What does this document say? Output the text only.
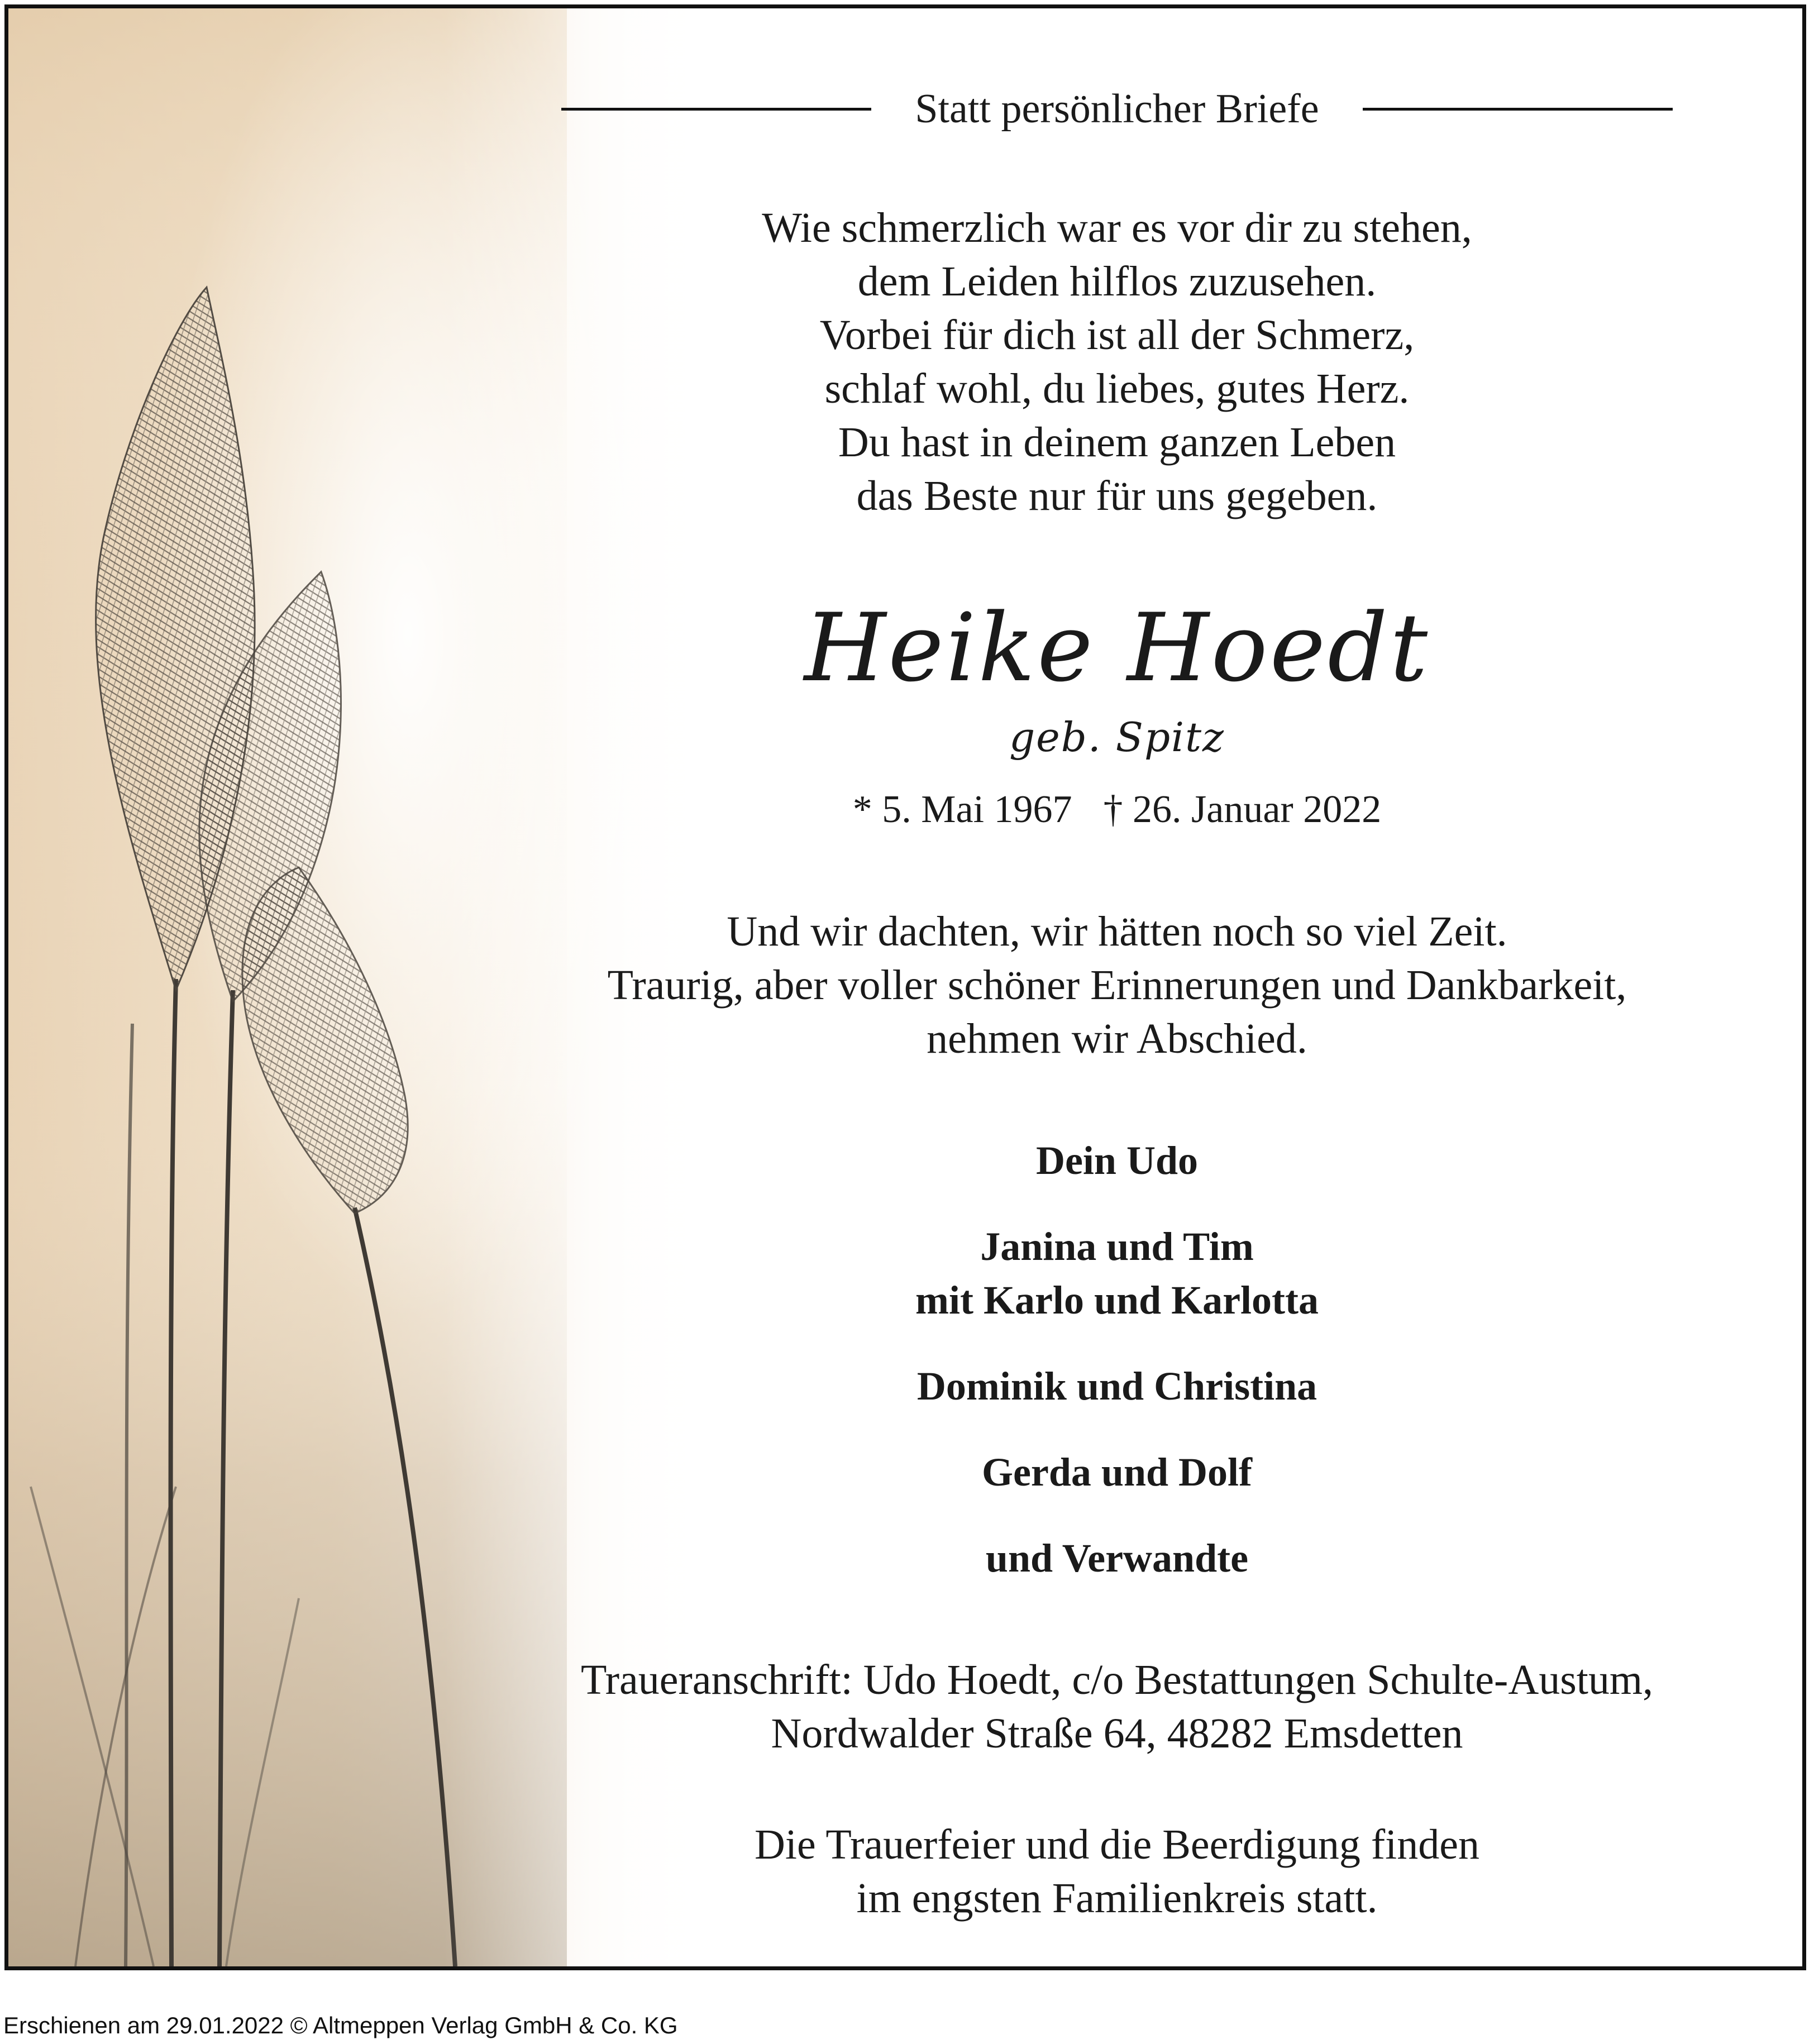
Statt persönlicher Briefe
Wie schmerzlich war es vor dir zu stehen,
dem Leiden hilflos zuzusehen.
Vorbei für dich ist all der Schmerz,
schlaf wohl, du liebes, gutes Herz.
Du hast in deinem ganzen Leben
das Beste nur für uns gegeben.
Heike Hoedt
geb. Spitz
* 5. Mai 1967 † 26. Januar 2022
Und wir dachten, wir hätten noch so viel Zeit.
Traurig, aber voller schöner Erinnerungen und Dankbarkeit,
nehmen wir Abschied.
Dein Udo
Janina und Tim
mit Karlo und Karlotta
Dominik und Christina
Gerda und Dolf
und Verwandte
Traueranschrift: Udo Hoedt, c/o Bestattungen Schulte-Austum,
Nordwalder Straße 64, 48282 Emsdetten
Die Trauerfeier und die Beerdigung finden
im engsten Familienkreis statt.
Erschienen am 29.01.2022 © Altmeppen Verlag GmbH & Co. KG
